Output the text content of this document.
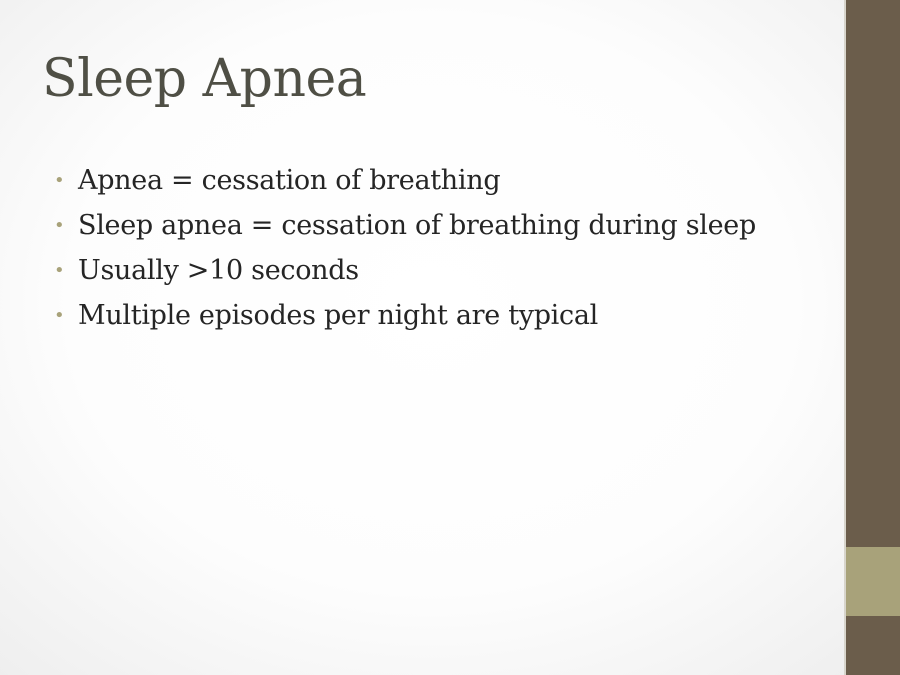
Sleep Apnea
• Apnea = cessation of breathing
• Sleep apnea = cessation of breathing during sleep
• Usually >10 seconds
• Multiple episodes per night are typical
